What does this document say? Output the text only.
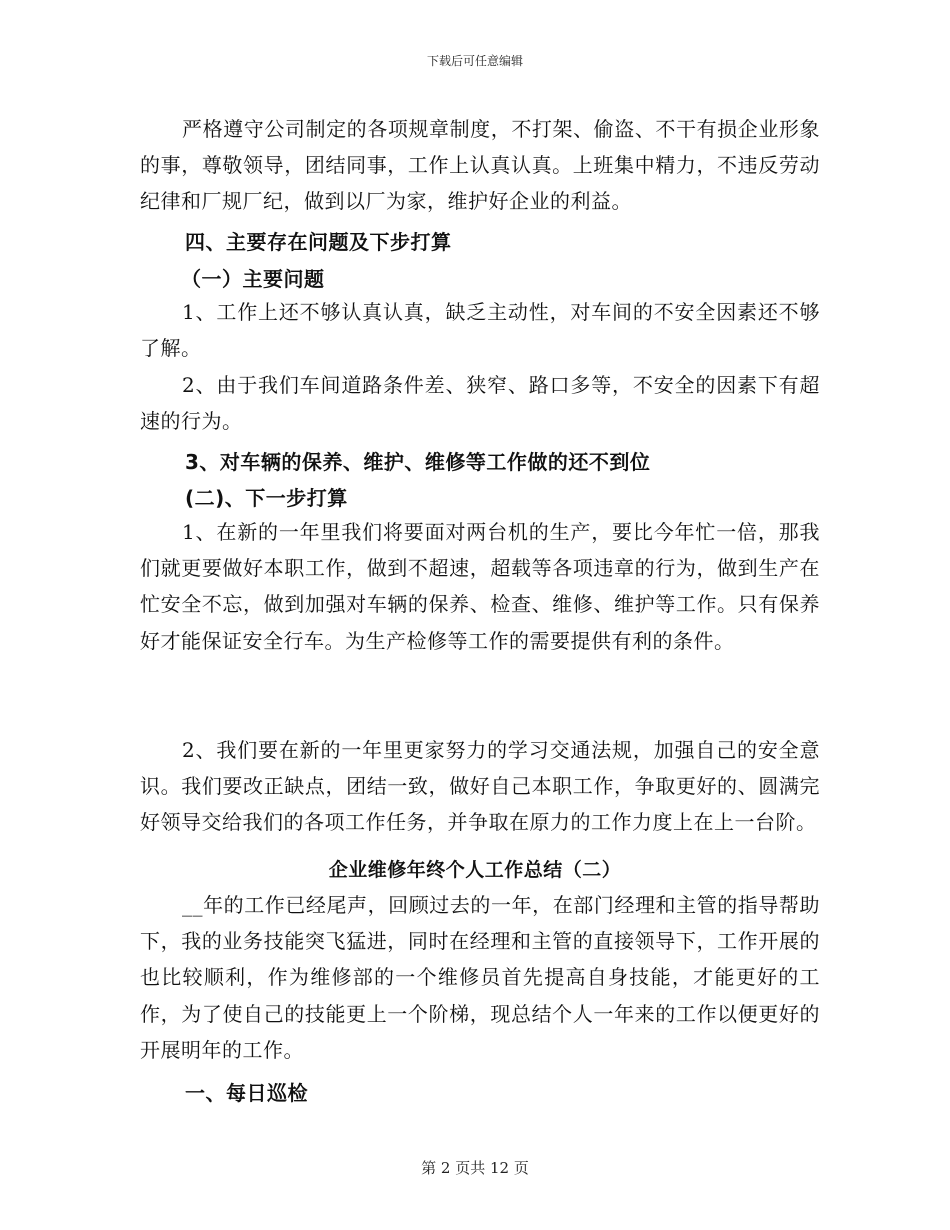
下载后可任意编辑
严格遵守公司制定的各项规章制度，不打架、偷盗、不干有损企业形象的事，尊敬领导，团结同事，工作上认真认真。上班集中精力，不违反劳动纪律和厂规厂纪，做到以厂为家，维护好企业的利益。
四、主要存在问题及下步打算
（一）主要问题
1、工作上还不够认真认真，缺乏主动性，对车间的不安全因素还不够了解。
2、由于我们车间道路条件差、狭窄、路口多等，不安全的因素下有超速的行为。
3、对车辆的保养、维护、维修等工作做的还不到位
(二)、下一步打算
1、在新的一年里我们将要面对两台机的生产，要比今年忙一倍，那我们就更要做好本职工作，做到不超速，超载等各项违章的行为，做到生产在忙安全不忘，做到加强对车辆的保养、检查、维修、维护等工作。只有保养好才能保证安全行车。为生产检修等工作的需要提供有利的条件。
2、我们要在新的一年里更家努力的学习交通法规，加强自己的安全意识。我们要改正缺点，团结一致，做好自己本职工作，争取更好的、圆满完好领导交给我们的各项工作任务，并争取在原力的工作力度上在上一台阶。
企业维修年终个人工作总结（二）
__年的工作已经尾声，回顾过去的一年，在部门经理和主管的指导帮助下，我的业务技能突飞猛进，同时在经理和主管的直接领导下，工作开展的也比较顺利，作为维修部的一个维修员首先提高自身技能，才能更好的工作，为了使自己的技能更上一个阶梯，现总结个人一年来的工作以便更好的开展明年的工作。
一、每日巡检
第 2 页共 12 页
